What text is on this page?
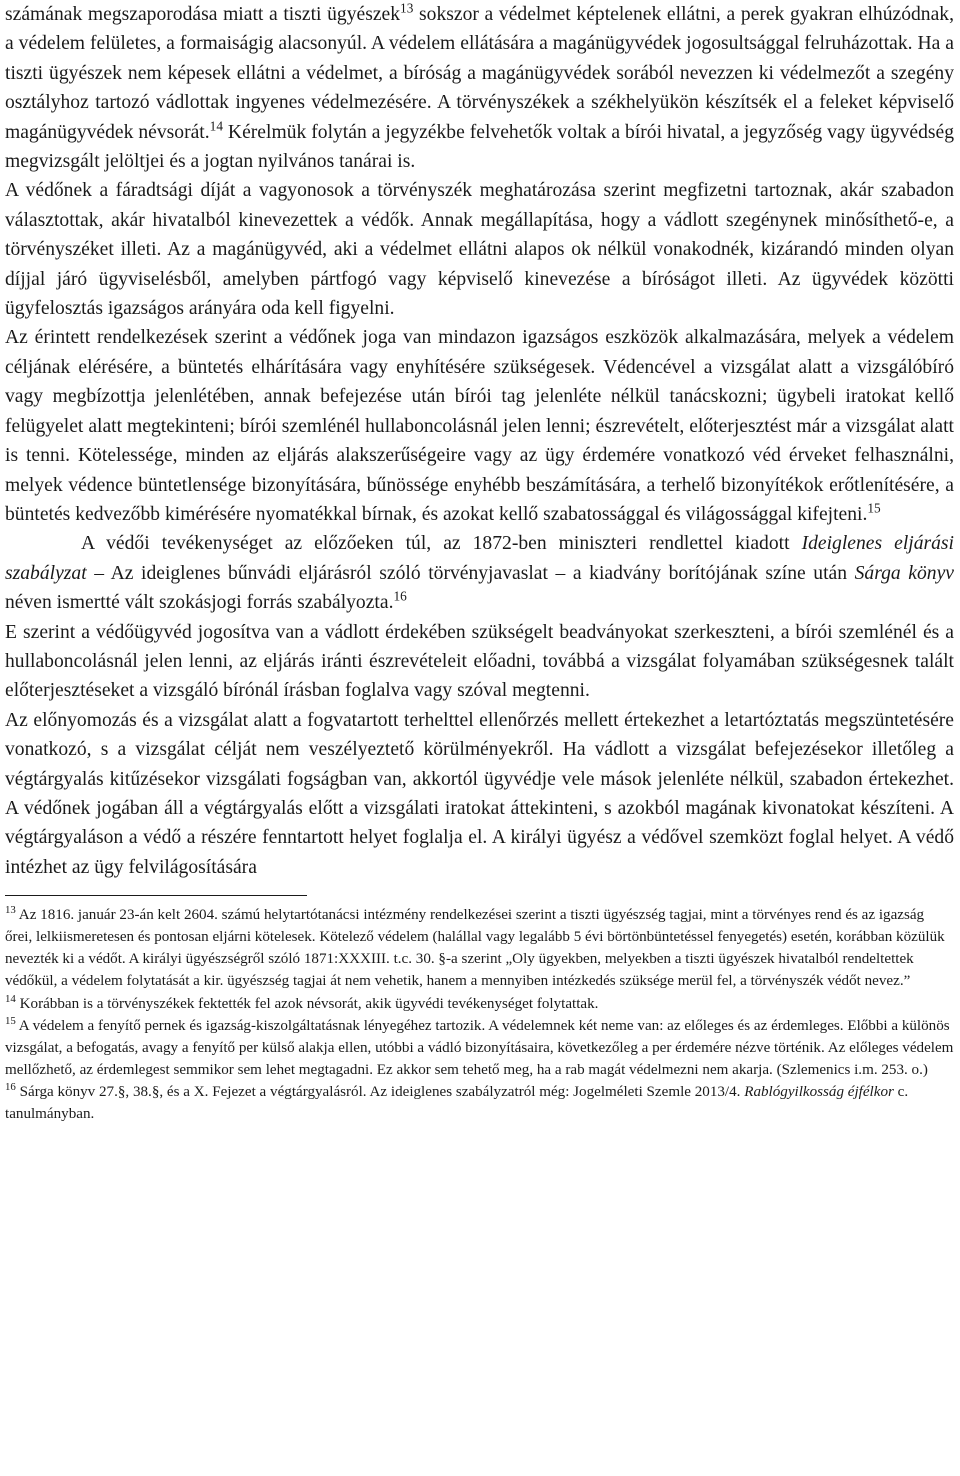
számának megszaporodása miatt a tiszti ügyészek$^{13}$ sokszor a védelmet képtelenek ellátni, a perek gyakran elhúzódnak, a védelem felületes, a formaiságig alacsonyúl. A védelem ellátására a magánügyvédek jogosultsággal felruházottak. Ha a tiszti ügyészek nem képesek ellátni a védelmet, a bíróság a magánügyvédek sorából nevezzen ki védelmezőt a szegény osztályhoz tartozó vádlottak ingyenes védelmezésére. A törvényszékek a székhelyükön készítsék el a feleket képviselő magánügyvédek névsorát.$^{14}$ Kérelmük folytán a jegyzékbe felvehetők voltak a bírói hivatal, a jegyzőség vagy ügyvédség megvizsgált jelöltjei és a jogtan nyilvános tanárai is.

A védőnek a fáradtsági díját a vagyonosok a törvényszék meghatározása szerint megfizetni tartoznak, akár szabadon választottak, akár hivatalból kinevezettek a védők. Annak megállapítása, hogy a vádlott szegénynek minősíthető-e, a törvényszéket illeti. Az a magánügyvéd, aki a védelmet ellátni alapos ok nélkül vonakodnék, kizárandó minden olyan díjjal járó ügyviselésből, amelyben pártfogó vagy képviselő kinevezése a bíróságot illeti. Az ügyvédek közötti ügyfelosztás igazságos arányára oda kell figyelni.

Az érintett rendelkezések szerint a védőnek joga van mindazon igazságos eszközök alkalmazására, melyek a védelem céljának elérésére, a büntetés elhárítására vagy enyhítésére szükségesek. Védencével a vizsgálat alatt a vizsgálóbíró vagy megbízottja jelenlétében, annak befejezése után bírói tag jelenléte nélkül tanácskozni; ügybeli iratokat kellő felügyelet alatt megtekinteni; bírói szemlénél hullaboncolásnál jelen lenni; észrevételt, előterjesztést már a vizsgálat alatt is tenni. Kötelessége, minden az eljárás alakszerűségeire vagy az ügy érdemére vonatkozó véd érveket felhasználni, melyek védence büntetlensége bizonyítására, bűnössége enyhébb beszámítására, a terhelő bizonyítékok erőtlenítésére, a büntetés kedvezőbb kimérésére nyomatékkal bírnak, és azokat kellő szabatossággal és világossággal kifejteni.$^{15}$

A védői tevékenységet az előzőeken túl, az 1872-ben miniszteri rendlettel kiadott Ideiglenes eljárási szabályzat – Az ideiglenes bűnvádi eljárásról szóló törvényjavaslat – a kiadvány borítójának színe után Sárga könyv néven ismertté vált szokásjogi forrás szabályozta.$^{16}$

E szerint a védőügyvéd jogosítva van a vádlott érdekében szükségelt beadványokat szerkeszteni, a bírói szemlénél és a hullaboncolásnál jelen lenni, az eljárás iránti észrevételeit előadni, továbbá a vizsgálat folyamában szükségesnek talált előterjesztéseket a vizsgáló bírónál írásban foglalva vagy szóval megtenni.

Az előnyomozás és a vizsgálat alatt a fogvatartott terhelttel ellenőrzés mellett értekezhet a letartóztatás megszüntetésére vonatkozó, s a vizsgálat célját nem veszélyeztető körülményekről. Ha vádlott a vizsgálat befejezésekor illetőleg a végtárgyalás kitűzésekor vizsgálati fogságban van, akkortól ügyvédje vele mások jelenléte nélkül, szabadon értekezhet. A védőnek jogában áll a végtárgyalás előtt a vizsgálati iratokat áttekinteni, s azokból magának kivonatokat készíteni. A végtárgyaláson a védő a részére fenntartott helyet foglalja el. A királyi ügyész a védővel szemközt foglal helyet. A védő intézhet az ügy felvilágosítására

$^{13}$ Az 1816. január 23-án kelt 2604. számú helytartótanácsi intézmény rendelkezései szerint a tiszti ügyészség tagjai, mint a törvényes rend és az igazság őrei, lelkiismeretesen és pontosan eljárni kötelesek. Kötelező védelem (halállal vagy legalább 5 évi börtönbüntetéssel fenyegetés) esetén, korábban közülük nevezték ki a védőt. A királyi ügyészségről szóló 1871:XXXIII. t.c. 30. §-a szerint „Oly ügyekben, melyekben a tiszti ügyészek hivatalból rendeltettek védőkül, a védelem folytatását a kir. ügyészség tagjai át nem vehetik, hanem a mennyiben intézkedés szüksége merül fel, a törvényszék védőt nevez.”

$^{14}$ Korábban is a törvényszékek fektették fel azok névsorát, akik ügyvédi tevékenységet folytattak.

$^{15}$ A védelem a fenyítő pernek és igazság-kiszolgáltatásnak lényegéhez tartozik. A védelemnek két neme van: az előleges és az érdemleges. Előbbi a különös vizsgálat, a befogatás, avagy a fenyítő per külső alakja ellen, utóbbi a vádló bizonyításaira, következőleg a per érdemére nézve történik. Az előleges védelem mellőzhető, az érdemlegest semmikor sem lehet megtagadni. Ez akkor sem tehető meg, ha a rab magát védelmezni nem akarja. (Szlemenics i.m. 253. o.)

$^{16}$ Sárga könyv 27.§, 38.§, és a X. Fejezet a végtárgyalásról. Az ideiglenes szabályzatról még: Jogelméleti Szemle 2013/4. Rablógyilkosság éjfélkor c. tanulmányban.
